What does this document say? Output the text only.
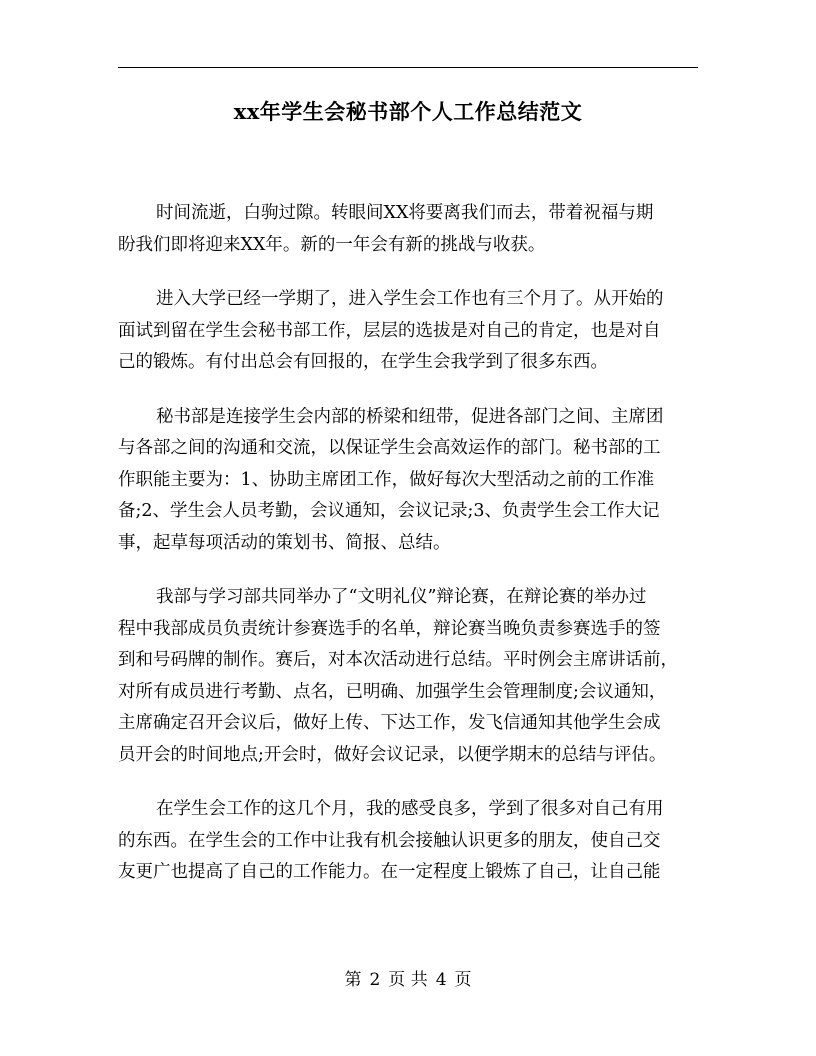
xx年学生会秘书部个人工作总结范文
时间流逝，白驹过隙。转眼间XX将要离我们而去，带着祝福与期
盼我们即将迎来XX年。新的一年会有新的挑战与收获。
进入大学已经一学期了，进入学生会工作也有三个月了。从开始的
面试到留在学生会秘书部工作，层层的选拔是对自己的肯定，也是对自
己的锻炼。有付出总会有回报的，在学生会我学到了很多东西。
秘书部是连接学生会内部的桥梁和纽带，促进各部门之间、主席团
与各部之间的沟通和交流，以保证学生会高效运作的部门。秘书部的工
作职能主要为：1、协助主席团工作，做好每次大型活动之前的工作准
备;2、学生会人员考勤，会议通知，会议记录;3、负责学生会工作大记
事，起草每项活动的策划书、简报、总结。
我部与学习部共同举办了“文明礼仪”辩论赛，在辩论赛的举办过
程中我部成员负责统计参赛选手的名单，辩论赛当晚负责参赛选手的签
到和号码牌的制作。赛后，对本次活动进行总结。平时例会主席讲话前，
对所有成员进行考勤、点名，已明确、加强学生会管理制度;会议通知，
主席确定召开会议后，做好上传、下达工作，发飞信通知其他学生会成
员开会的时间地点;开会时，做好会议记录，以便学期末的总结与评估。
在学生会工作的这几个月，我的感受良多，学到了很多对自己有用
的东西。在学生会的工作中让我有机会接触认识更多的朋友，使自己交
友更广也提高了自己的工作能力。在一定程度上锻炼了自己，让自己能
第 2 页 共 4 页
